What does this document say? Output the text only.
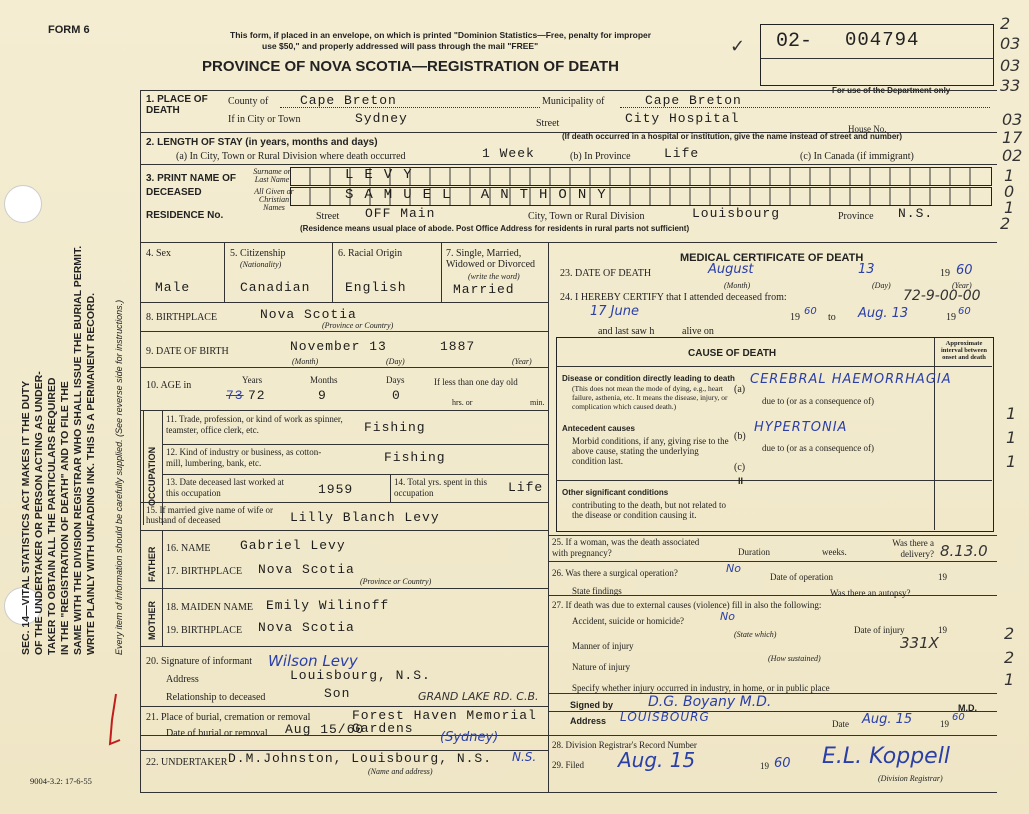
SEC. 14—VITAL STATISTICS ACT MAKES IT THE DUTY OF THE UNDERTAKER OR PERSON ACTING AS UNDER- TAKER TO OBTAIN ALL THE PARTICULARS REQUIRED IN THE "REGISTRATION OF DEATH" AND TO FILE THE SAME WITH THE DIVISION REGISTRAR WHO SHALL ISSUE THE BURIAL PERMIT. WRITE PLAINLY WITH UNFADING INK. THIS IS A PERMANENT RECORD. Every item of information should be carefully supplied. (See reverse side for instructions.)
FORM 6	This form, if placed in an envelope, on which is printed "Dominion Statistics—Free, penalty for improper
use $50," and properly addressed will pass through the mail "FREE"
PROVINCE OF NOVA SCOTIA—REGISTRATION OF DEATH
✓ 02- 004794
For use of the Department only
2
03
03
33
03
17
02
1
0
1
2
1
1
1
2
2
1
1. PLACE OF DEATH
County of Cape Breton	Municipality of	Cape Breton
If in City or Town	Sydney	Street	City Hospital
House No.
(If death occurred in a hospital or institution, give the name instead of street and number)
2. LENGTH OF STAY (in years, months and days)
(a) In City, Town or Rural Division where death occurred	1 Week	(b) In Province	Life	(c) In Canada (if immigrant)
3. PRINT NAME OF DECEASED
Surname or Last Name
All Given or Christian Names
LEVY
SAMUEL ANTHONY
RESIDENCE No.	Street OFF Main	City, Town or Rural Division	Louisbourg	Province N.S.
(Residence means usual place of abode. Post Office Address for residents in rural parts not sufficient)
4. Sex
Male
5. Citizenship
(Nationality)
Canadian
6. Racial Origin
English
7. Single, Married, Widowed or Divorced
(write the word)
Married
8. BIRTHPLACE	Nova Scotia
(Province or Country)
9. DATE OF BIRTH	November 13	1887
(Month)	(Day)	(Year)
10. AGE in	Years
73 72
Months
9
Days
0
If less than one day old
hrs. or	min.
OCCUPATION
11. Trade, profession, or kind of work as spinner, teamster, office clerk, etc.	Fishing
12. Kind of industry or business, as cotton-mill, lumbering, bank, etc.	Fishing
13. Date deceased last worked at this occupation	1959	14. Total yrs. spent in this occupation	Life
15. If married give name of wife or husband of deceased	Lilly Blanch Levy
FATHER
MOTHER
16. NAME Gabriel Levy
17. BIRTHPLACE Nova Scotia
(Province or Country)
18. MAIDEN NAME Emily Wilinoff
19. BIRTHPLACE Nova Scotia
20. Signature of informant Wilson Levy
Address	Louisbourg, N.S.
Relationship to deceased	Son	GRAND LAKE RD. C.B.
21. Place of burial, cremation or removal	Forest Haven Memorial Gardens
Date of burial or removal Aug 15/60
(Sydney)
22. UNDERTAKER D.M.Johnston, Louisbourg, N.S. N.S.
(Name and address)
9004-3.2: 17-6-55
MEDICAL CERTIFICATE OF DEATH
23. DATE OF DEATH	August	13	19 60
(Month)	(Day)	(Year)
24. I HEREBY CERTIFY that I attended deceased from:	72-9-00-00
17 June	19
60
to Aug. 13	19
60
and last saw h	alive on
CAUSE OF DEATH
Approximate interval between onset and death
Disease or condition directly leading to death
(This does not mean the mode of dying, e.g., heart failure, asthenia, etc. It means the disease, injury, or complication which caused death.)
(a)
CEREBRAL HAEMORRHAGIA
due to (or as a consequence of)
Antecedent causes
Morbid conditions, if any, giving rise to the above cause, stating the underlying condition last.
(b)
HYPERTONIA
due to (or as a consequence of)
(c)
II
Other significant conditions
contributing to the death, but not related to the disease or condition causing it.
25. If a woman, was the death associated with pregnancy?	Duration	weeks.
Was there a delivery? 8.13.0
26. Was there a surgical operation?	No
Date of operation	19
State findings	Was there an autopsy?
27. If death was due to external causes (violence) fill in also the following:
Accident, suicide or homicide?	No
(State which)	Date of injury	19
Manner of injury	331X
(How sustained)
Nature of injury
Specify whether injury occurred in industry, in home, or in public place
Signed by D.G. Boyany M.D.	M.D.
Address LOUISBOURG	Date Aug. 15	19
60
28. Division Registrar's Record Number
29. Filed Aug. 15	19 60 E.L. Koppell
(Division Registrar)
